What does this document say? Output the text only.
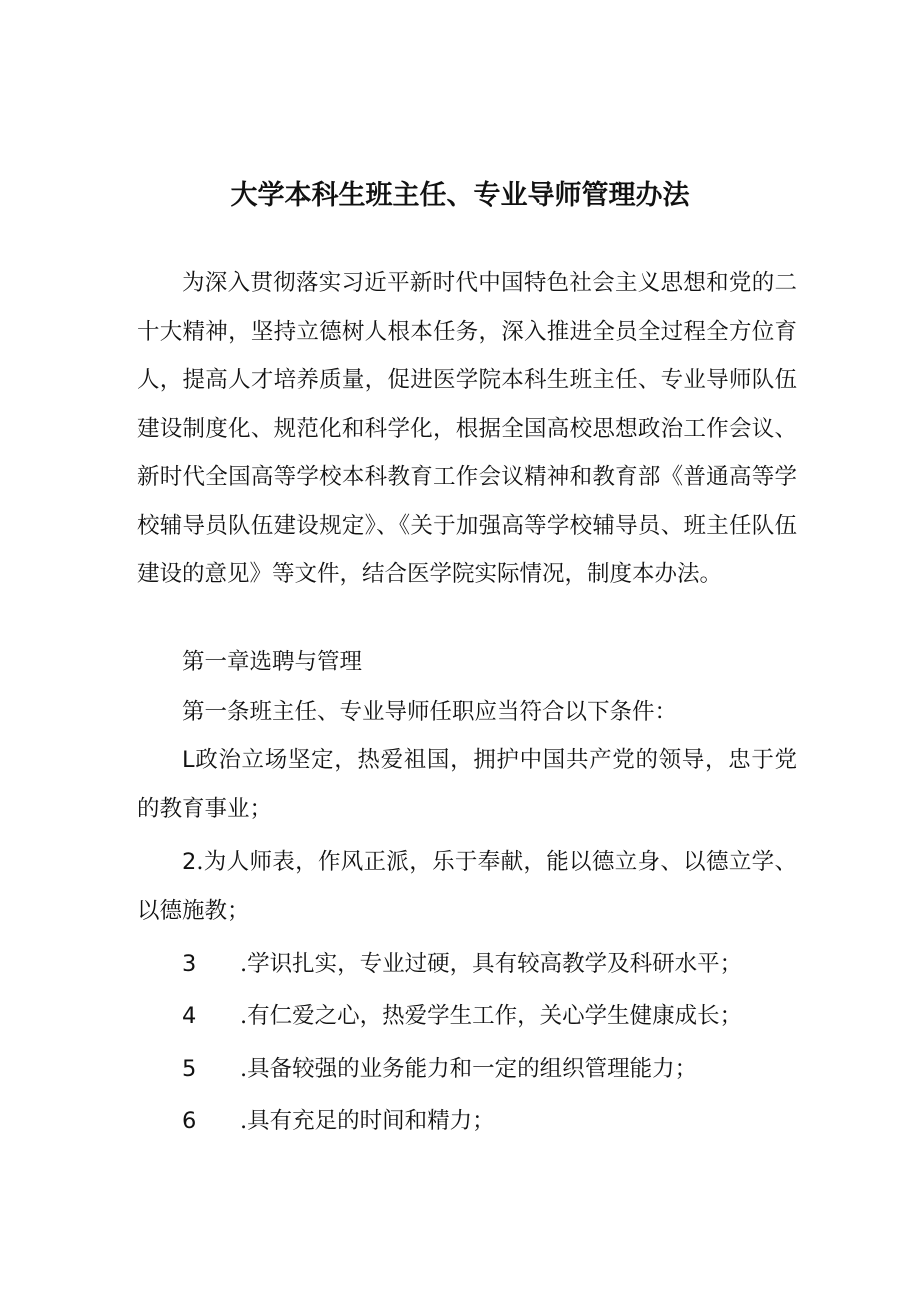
大学本科生班主任、专业导师管理办法

为深入贯彻落实习近平新时代中国特色社会主义思想和党的二十大精神，坚持立德树人根本任务，深入推进全员全过程全方位育人，提高人才培养质量，促进医学院本科生班主任、专业导师队伍建设制度化、规范化和科学化，根据全国高校思想政治工作会议、新时代全国高等学校本科教育工作会议精神和教育部《普通高等学校辅导员队伍建设规定》、《关于加强高等学校辅导员、班主任队伍建设的意见》等文件，结合医学院实际情况，制度本办法。

第一章选聘与管理
第一条班主任、专业导师任职应当符合以下条件：
L政治立场坚定，热爱祖国，拥护中国共产党的领导，忠于党的教育事业；
2.为人师表，作风正派，乐于奉献，能以德立身、以德立学、以德施教；
3 .学识扎实，专业过硬，具有较高教学及科研水平；
4 .有仁爱之心，热爱学生工作，关心学生健康成长；
5 .具备较强的业务能力和一定的组织管理能力；
6 .具有充足的时间和精力；
